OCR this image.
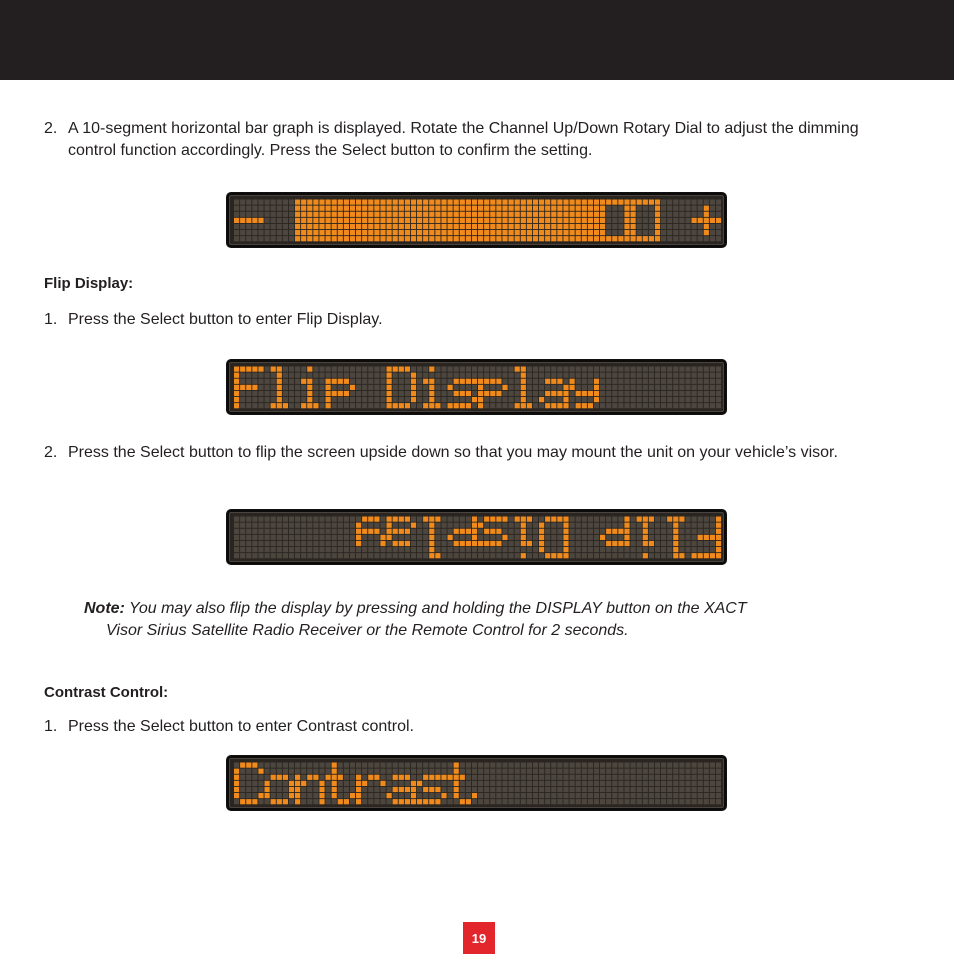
2. A 10-segment horizontal bar graph is displayed. Rotate the Channel Up/Down Rotary Dial to adjust the dimming control function accordingly. Press the Select button to confirm the setting.

Flip Display:

1. Press the Select button to enter Flip Display.

2. Press the Select button to flip the screen upside down so that you may mount the unit on your vehicle’s visor.

Note: You may also flip the display by pressing and holding the DISPLAY button on the XACT
Visor Sirius Satellite Radio Receiver or the Remote Control for 2 seconds.

Contrast Control:

1. Press the Select button to enter Contrast control.

19
